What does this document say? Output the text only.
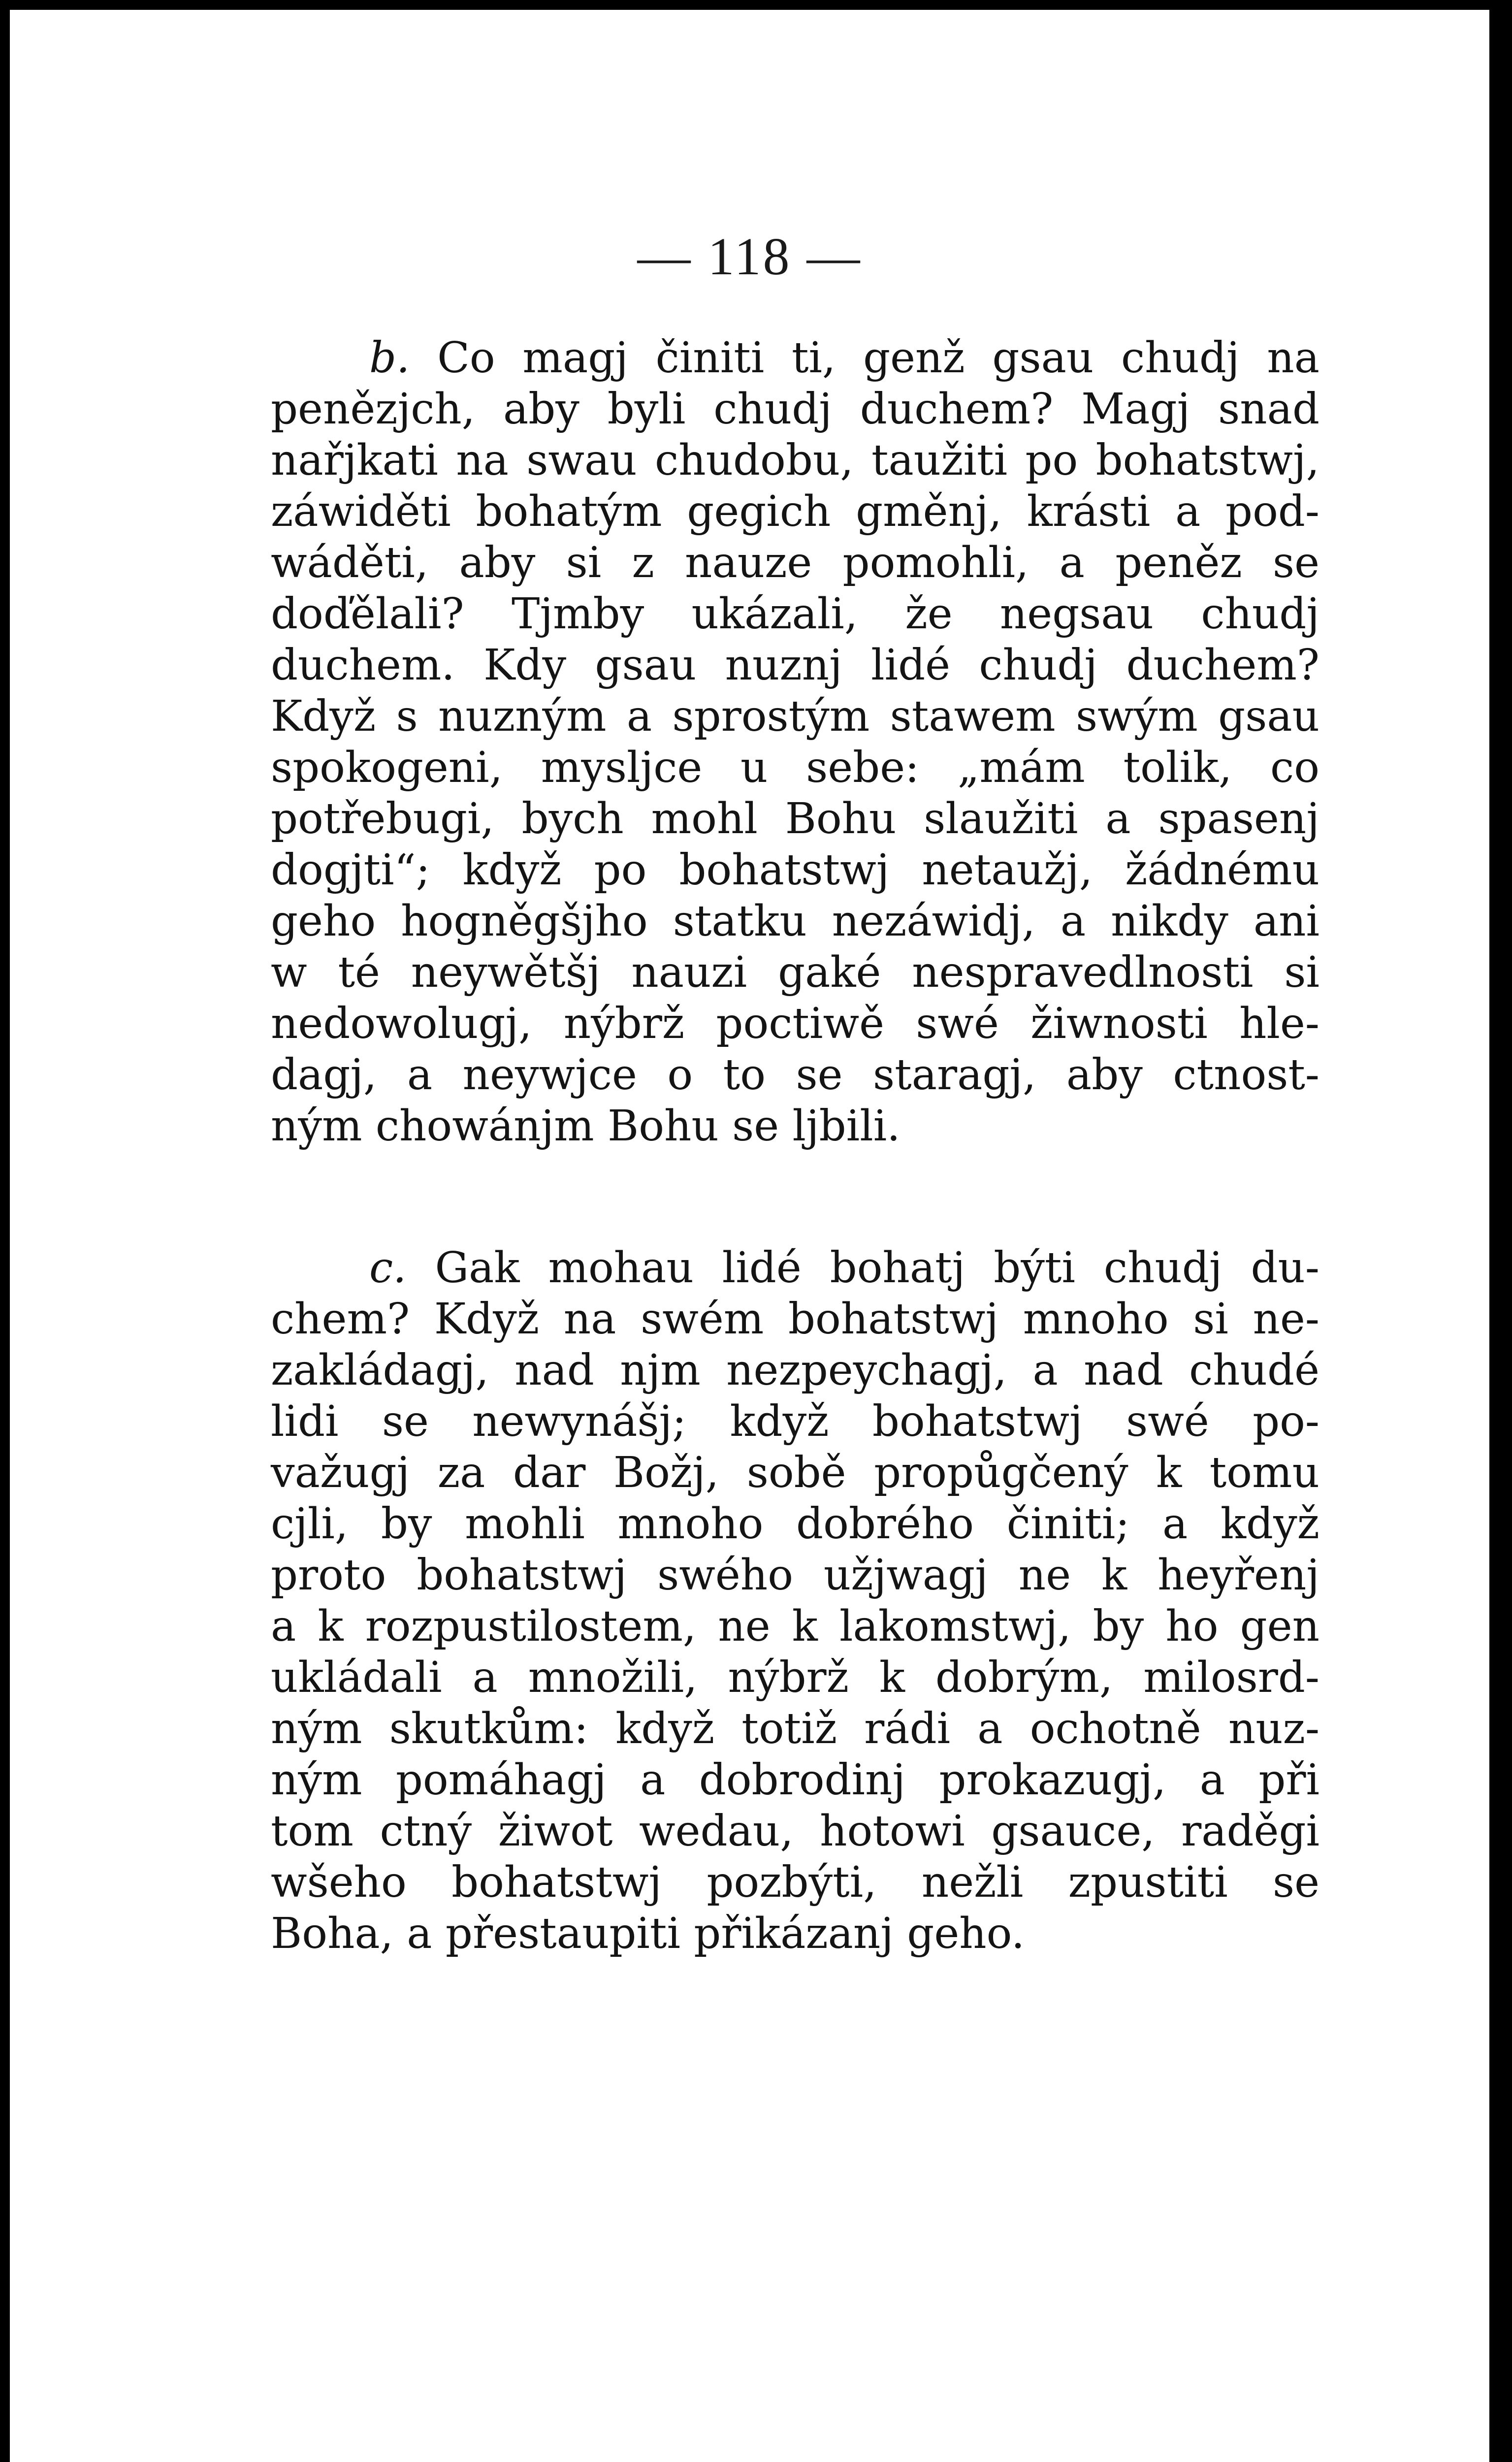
— 118 —
b. Co magj činiti ti, genž gsau chudj na
penězjch, aby byli chudj duchem? Magj snad
nařjkati na swau chudobu, taužiti po bohatstwj,
záwiděti bohatým gegich gměnj, krásti a pod-
wáděti, aby si z nauze pomohli, a peněz se
doďělali? Tjmby ukázali, že negsau chudj
duchem. Kdy gsau nuznj lidé chudj duchem?
Když s nuzným a sprostým stawem swým gsau
spokogeni, myslјce u sebe: „mám tolik, co
potřebugi, bych mohl Bohu slaužiti a spasenj
dogjti“; když po bohatstwj netaužj, žádnému
geho hogněgšjho statku nezáwidj, a nikdy ani
w té neywětšj nauzi gaké nespravedlnosti si
nedowolugj, nýbrž poctiwě swé žiwnosti hle-
dagj, a neywjce o to se staragj, aby ctnost-
ným chowánjm Bohu se ljbili.
c. Gak mohau lidé bohatj býti chudj du-
chem? Když na swém bohatstwj mnoho si ne-
zakládagj, nad njm nezpeychagj, a nad chudé
lidi se newynášj; když bohatstwj swé po-
važugj za dar Božj, sobě propůgčený k tomu
cjli, by mohli mnoho dobrého činiti; a když
proto bohatstwj swého užjwagj ne k heyřenj
a k rozpustilostem, ne k lakomstwj, by ho gen
ukládali a množili, nýbrž k dobrým, milosrd-
ným skutkům: když totiž rádi a ochotně nuz-
ným pomáhagj a dobrodinj prokazugj, a při
tom ctný žiwot wedau, hotowi gsauce, raděgi
wšeho bohatstwj pozbýti, nežli zpustiti se
Boha, a přestaupiti přikázanj geho.
